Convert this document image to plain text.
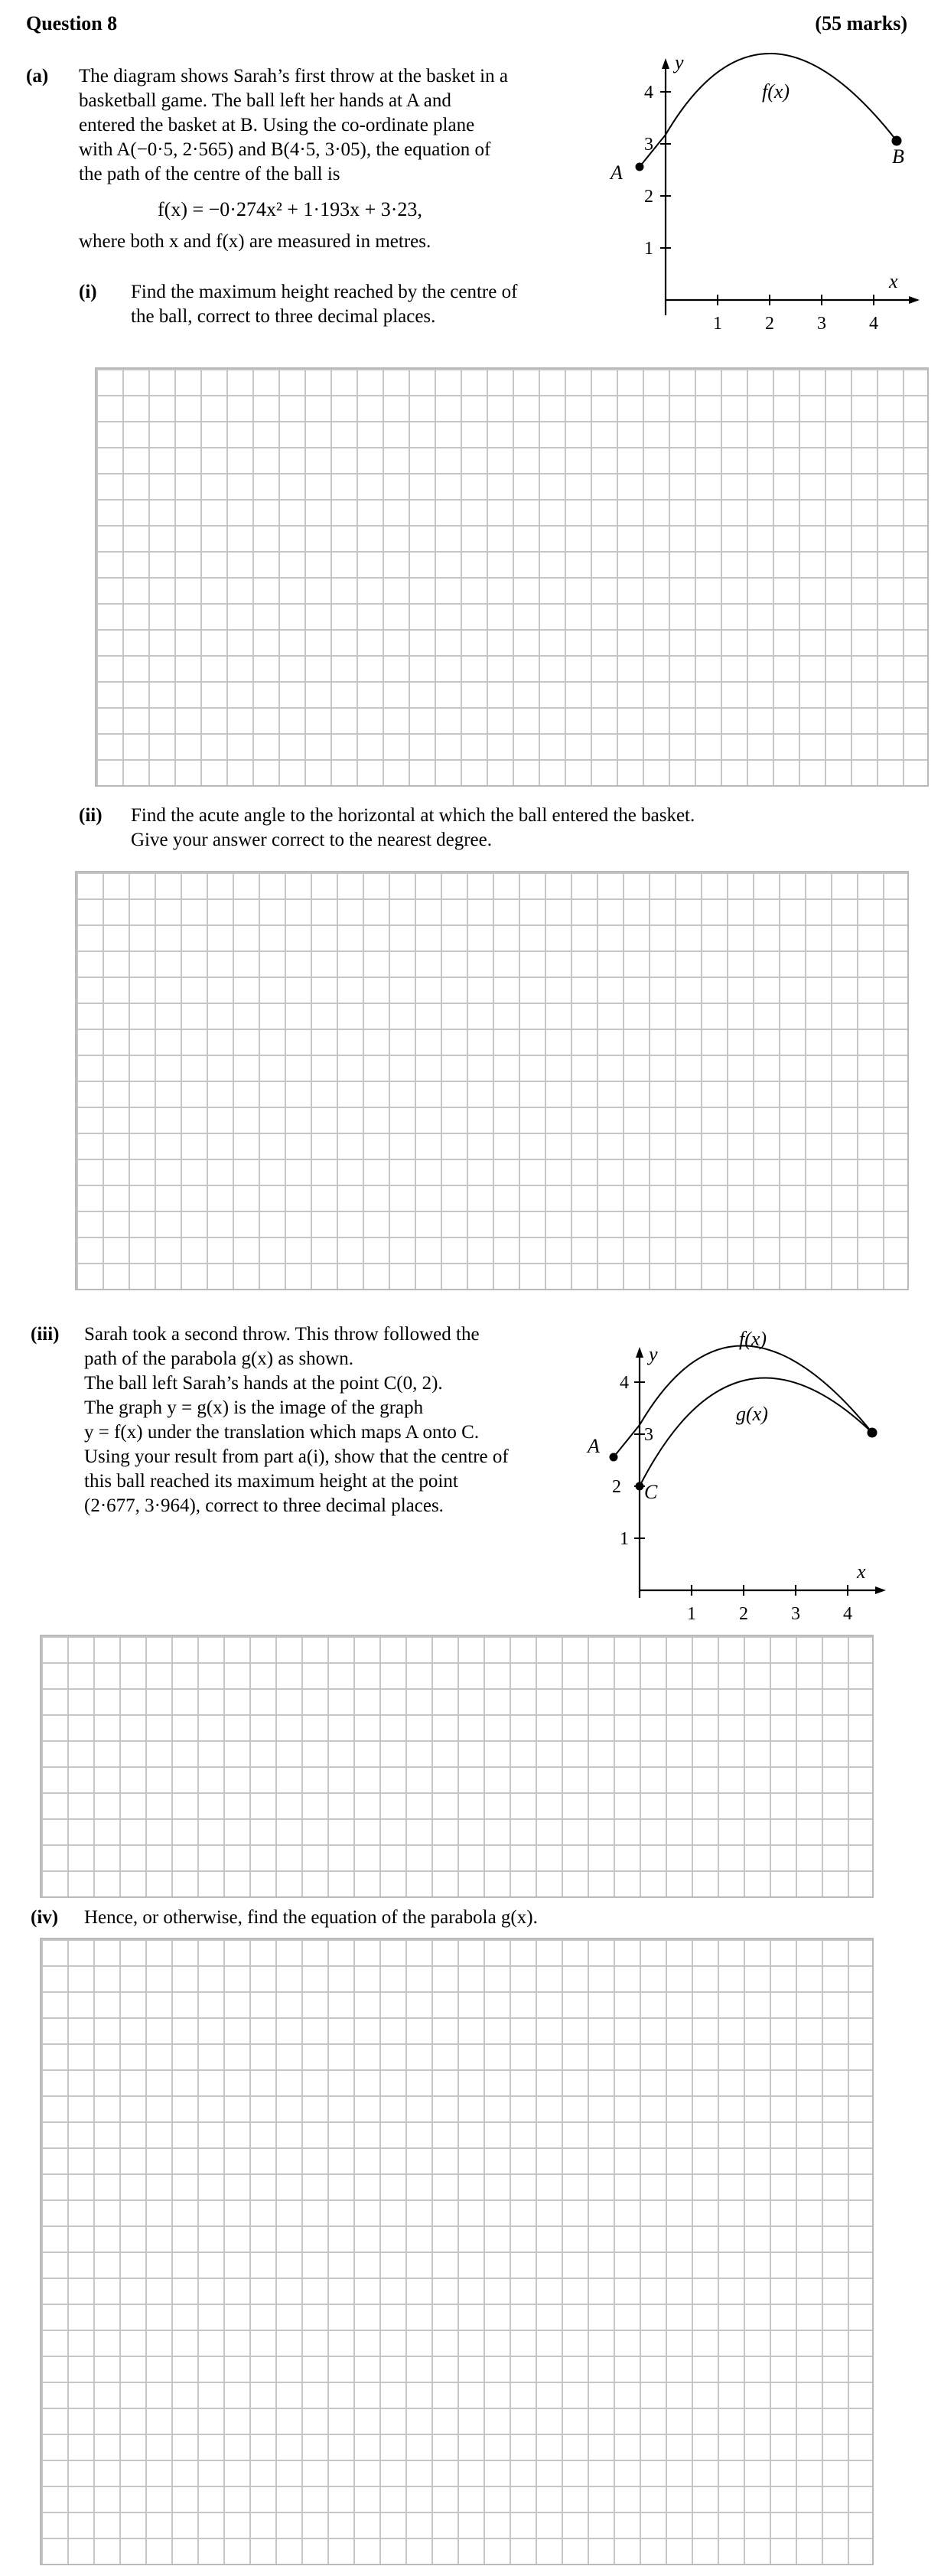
Question 8	(55 marks)
(a) The diagram shows Sarah’s first throw at the basket in a
basketball game. The ball left her hands at A and
entered the basket at B. Using the co-ordinate plane
with A(−0·5, 2·565) and B(4·5, 3·05), the equation of
the path of the centre of the ball is
f(x) = −0·274x² + 1·193x + 3·23,
where both x and f(x) are measured in metres.
(i) Find the maximum height reached by the centre of
the ball, correct to three decimal places.	1 2 3 4
1
2
3
4
x
y
A
B
f(x)
(ii) Find the acute angle to the horizontal at which the ball entered the basket.
Give your answer correct to the nearest degree.
(iii) Sarah took a second throw. This throw followed the
path of the parabola g(x) as shown.
The ball left Sarah’s hands at the point C(0, 2).
The graph y = g(x) is the image of the graph
y = f(x) under the translation which maps A onto C.
Using your result from part a(i), show that the centre of
this ball reached its maximum height at the point
(2·677, 3·964), correct to three decimal places.
1 2 3 4
1
2
3
4
x
y
A
C
f(x)
g(x)
(iv) Hence, or otherwise, find the equation of the parabola g(x).
